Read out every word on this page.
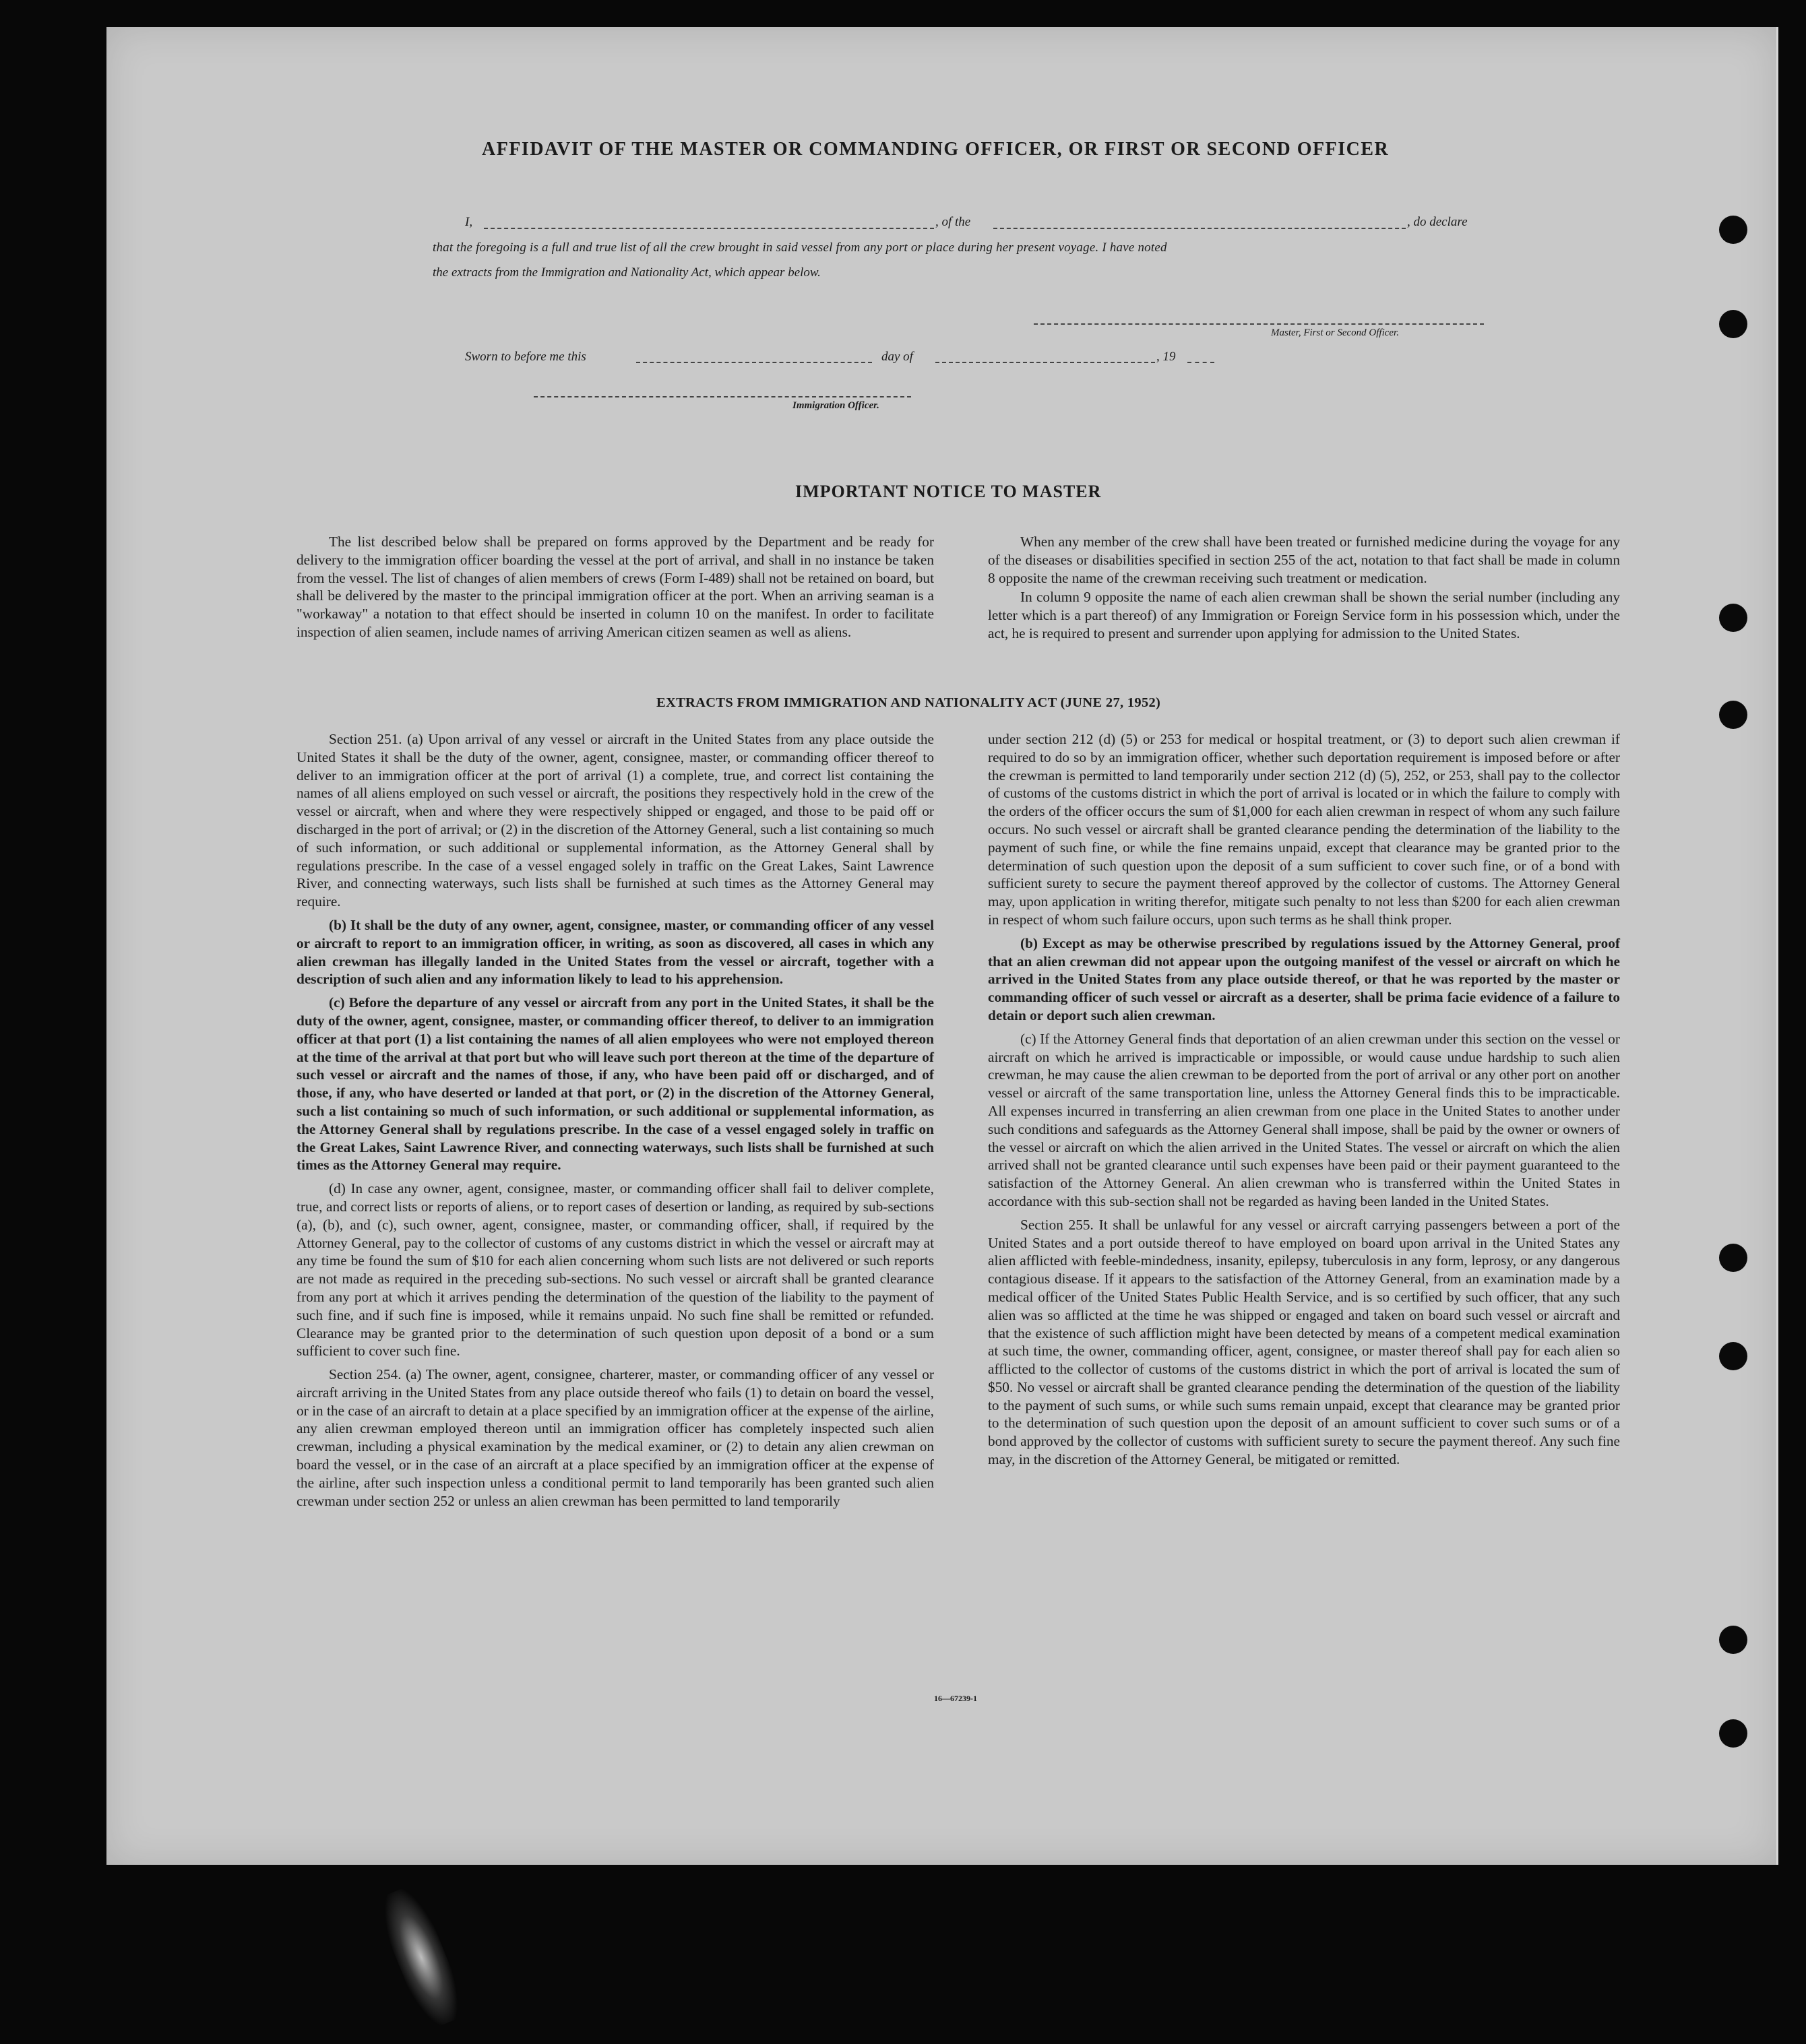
AFFIDAVIT OF THE MASTER OR COMMANDING OFFICER, OR FIRST OR SECOND OFFICER

I,	, of the	, do declare
that the foregoing is a full and true list of all the crew brought in said vessel from any port or place during her present voyage. I have noted
the extracts from the Immigration and Nationality Act, which appear below.
Master, First or Second Officer.
Sworn to before me this	day of	, 19
Immigration Officer.

IMPORTANT NOTICE TO MASTER

The list described below shall be prepared on forms approved by the Department and be ready for delivery to the immigration officer boarding the vessel at the port of arrival, and shall in no instance be taken from the vessel. The list of changes of alien members of crews (Form I-489) shall not be retained on board, but shall be delivered by the master to the principal immigration officer at the port. When an arriving seaman is a "workaway" a notation to that effect should be inserted in column 10 on the manifest. In order to facilitate inspection of alien seamen, include names of arriving American citizen seamen as well as aliens.

When any member of the crew shall have been treated or furnished medicine during the voyage for any of the diseases or disabilities specified in section 255 of the act, notation to that fact shall be made in column 8 opposite the name of the crewman receiving such treatment or medication.

In column 9 opposite the name of each alien crewman shall be shown the serial number (including any letter which is a part thereof) of any Immigration or Foreign Service form in his possession which, under the act, he is required to present and surrender upon applying for admission to the United States.

EXTRACTS FROM IMMIGRATION AND NATIONALITY ACT (JUNE 27, 1952)

Section 251. (a) Upon arrival of any vessel or aircraft in the United States from any place outside the United States it shall be the duty of the owner, agent, consignee, master, or commanding officer thereof to deliver to an immigration officer at the port of arrival (1) a complete, true, and correct list containing the names of all aliens employed on such vessel or aircraft, the positions they respectively hold in the crew of the vessel or aircraft, when and where they were respectively shipped or engaged, and those to be paid off or discharged in the port of arrival; or (2) in the discretion of the Attorney General, such a list containing so much of such information, or such additional or supplemental information, as the Attorney General shall by regulations prescribe. In the case of a vessel engaged solely in traffic on the Great Lakes, Saint Lawrence River, and connecting waterways, such lists shall be furnished at such times as the Attorney General may require.

(b) It shall be the duty of any owner, agent, consignee, master, or commanding officer of any vessel or aircraft to report to an immigration officer, in writing, as soon as discovered, all cases in which any alien crewman has illegally landed in the United States from the vessel or aircraft, together with a description of such alien and any information likely to lead to his apprehension.

(c) Before the departure of any vessel or aircraft from any port in the United States, it shall be the duty of the owner, agent, consignee, master, or commanding officer thereof, to deliver to an immigration officer at that port (1) a list containing the names of all alien employees who were not employed thereon at the time of the arrival at that port but who will leave such port thereon at the time of the departure of such vessel or aircraft and the names of those, if any, who have been paid off or discharged, and of those, if any, who have deserted or landed at that port, or (2) in the discretion of the Attorney General, such a list containing so much of such information, or such additional or supplemental information, as the Attorney General shall by regulations prescribe. In the case of a vessel engaged solely in traffic on the Great Lakes, Saint Lawrence River, and connecting waterways, such lists shall be furnished at such times as the Attorney General may require.

(d) In case any owner, agent, consignee, master, or commanding officer shall fail to deliver complete, true, and correct lists or reports of aliens, or to report cases of desertion or landing, as required by sub-sections (a), (b), and (c), such owner, agent, consignee, master, or commanding officer, shall, if required by the Attorney General, pay to the collector of customs of any customs district in which the vessel or aircraft may at any time be found the sum of $10 for each alien concerning whom such lists are not delivered or such reports are not made as required in the preceding sub-sections. No such vessel or aircraft shall be granted clearance from any port at which it arrives pending the determination of the question of the liability to the payment of such fine, and if such fine is imposed, while it remains unpaid. No such fine shall be remitted or refunded. Clearance may be granted prior to the determination of such question upon deposit of a bond or a sum sufficient to cover such fine.

Section 254. (a) The owner, agent, consignee, charterer, master, or commanding officer of any vessel or aircraft arriving in the United States from any place outside thereof who fails (1) to detain on board the vessel, or in the case of an aircraft to detain at a place specified by an immigration officer at the expense of the airline, any alien crewman employed thereon until an immigration officer has completely inspected such alien crewman, including a physical examination by the medical examiner, or (2) to detain any alien crewman on board the vessel, or in the case of an aircraft at a place specified by an immigration officer at the expense of the airline, after such inspection unless a conditional permit to land temporarily has been granted such alien crewman under section 252 or unless an alien crewman has been permitted to land temporarily

under section 212 (d) (5) or 253 for medical or hospital treatment, or (3) to deport such alien crewman if required to do so by an immigration officer, whether such deportation requirement is imposed before or after the crewman is permitted to land temporarily under section 212 (d) (5), 252, or 253, shall pay to the collector of customs of the customs district in which the port of arrival is located or in which the failure to comply with the orders of the officer occurs the sum of $1,000 for each alien crewman in respect of whom any such failure occurs. No such vessel or aircraft shall be granted clearance pending the determination of the liability to the payment of such fine, or while the fine remains unpaid, except that clearance may be granted prior to the determination of such question upon the deposit of a sum sufficient to cover such fine, or of a bond with sufficient surety to secure the payment thereof approved by the collector of customs. The Attorney General may, upon application in writing therefor, mitigate such penalty to not less than $200 for each alien crewman in respect of whom such failure occurs, upon such terms as he shall think proper.

(b) Except as may be otherwise prescribed by regulations issued by the Attorney General, proof that an alien crewman did not appear upon the outgoing manifest of the vessel or aircraft on which he arrived in the United States from any place outside thereof, or that he was reported by the master or commanding officer of such vessel or aircraft as a deserter, shall be prima facie evidence of a failure to detain or deport such alien crewman.

(c) If the Attorney General finds that deportation of an alien crewman under this section on the vessel or aircraft on which he arrived is impracticable or impossible, or would cause undue hardship to such alien crewman, he may cause the alien crewman to be deported from the port of arrival or any other port on another vessel or aircraft of the same transportation line, unless the Attorney General finds this to be impracticable. All expenses incurred in transferring an alien crewman from one place in the United States to another under such conditions and safeguards as the Attorney General shall impose, shall be paid by the owner or owners of the vessel or aircraft on which the alien arrived in the United States. The vessel or aircraft on which the alien arrived shall not be granted clearance until such expenses have been paid or their payment guaranteed to the satisfaction of the Attorney General. An alien crewman who is transferred within the United States in accordance with this sub-section shall not be regarded as having been landed in the United States.

Section 255. It shall be unlawful for any vessel or aircraft carrying passengers between a port of the United States and a port outside thereof to have employed on board upon arrival in the United States any alien afflicted with feeble-mindedness, insanity, epilepsy, tuberculosis in any form, leprosy, or any dangerous contagious disease. If it appears to the satisfaction of the Attorney General, from an examination made by a medical officer of the United States Public Health Service, and is so certified by such officer, that any such alien was so afflicted at the time he was shipped or engaged and taken on board such vessel or aircraft and that the existence of such affliction might have been detected by means of a competent medical examination at such time, the owner, commanding officer, agent, consignee, or master thereof shall pay for each alien so afflicted to the collector of customs of the customs district in which the port of arrival is located the sum of $50. No vessel or aircraft shall be granted clearance pending the determination of the question of the liability to the payment of such sums, or while such sums remain unpaid, except that clearance may be granted prior to the determination of such question upon the deposit of an amount sufficient to cover such sums or of a bond approved by the collector of customs with sufficient surety to secure the payment thereof. Any such fine may, in the discretion of the Attorney General, be mitigated or remitted.

16—67239-1
